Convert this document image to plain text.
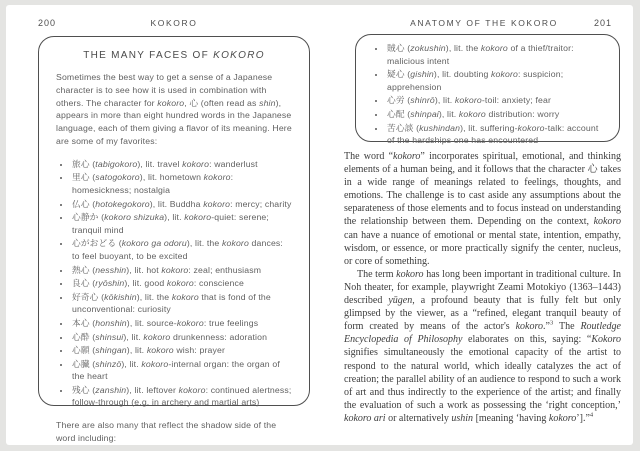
200	KOKORO
THE MANY FACES OF KOKORO

Sometimes the best way to get a sense of a Japanese character is to see how it is used in combination with others. The character for kokoro, 心 (often read as shin), appears in more than eight hundred words in the Japanese language, each of them giving a flavor of its meaning. Here are some of my favorites:

• 旅心 (tabigokoro), lit. travel kokoro: wanderlust
• 里心 (satogokoro), lit. hometown kokoro: homesickness; nostalgia
• 仏心 (hotokegokoro), lit. Buddha kokoro: mercy; charity
• 心静か (kokoro shizuka), lit. kokoro-quiet: serene; tranquil mind
• 心がおどる (kokoro ga odoru), lit. the kokoro dances: to feel buoyant, to be excited
• 熱心 (nesshin), lit. hot kokoro: zeal; enthusiasm
• 良心 (ryōshin), lit. good kokoro: conscience
• 好奇心 (kōkishin), lit. the kokoro that is fond of the unconventional: curiosity
• 本心 (honshin), lit. source-kokoro: true feelings
• 心酔 (shinsui), lit. kokoro drunkenness: adoration
• 心願 (shingan), lit. kokoro wish: prayer
• 心臓 (shinzō), lit. kokoro-internal organ: the organ of the heart
• 残心 (zanshin), lit. leftover kokoro: continued alertness; follow-through (e.g. in archery and martial arts)

There are also many that reflect the shadow side of the word including:

ANATOMY OF THE KOKORO	201
• 賊心 (zokushin), lit. the kokoro of a thief/traitor: malicious intent
• 疑心 (gishin), lit. doubting kokoro: suspicion; apprehension
• 心労 (shinrō), lit. kokoro-toil: anxiety; fear
• 心配 (shinpai), lit. kokoro distribution: worry
• 苦心談 (kushindan), lit. suffering-kokoro-talk: account of the hardships one has encountered

The word “kokoro” incorporates spiritual, emotional, and thinking elements of a human being, and it follows that the character 心 takes in a wide range of meanings related to feelings, thoughts, and emotions. The challenge is to cast aside any assumptions about the separateness of those elements and to focus instead on understanding the relationship between them. Depending on the context, kokoro can have a nuance of emotional or mental state, intention, empathy, wisdom, or essence, or more practically signify the center, nucleus, or core of something.

The term kokoro has long been important in traditional culture. In Noh theater, for example, playwright Zeami Motokiyo (1363–1443) described yūgen, a profound beauty that is fully felt but only glimpsed by the viewer, as a “refined, elegant tranquil beauty of form created by means of the actor's kokoro.”$^3$ The Routledge Encyclopedia of Philosophy elaborates on this, saying: “Kokoro signifies simultaneously the emotional capacity of the artist to respond to the natural world, which ideally catalyzes the act of creation; the parallel ability of an audience to respond to such a work of art and thus indirectly to the experience of the artist; and finally the evaluation of such a work as possessing the ‘right conception,’ kokoro ari or alternatively ushin [meaning ‘having kokoro’].”$^4$
